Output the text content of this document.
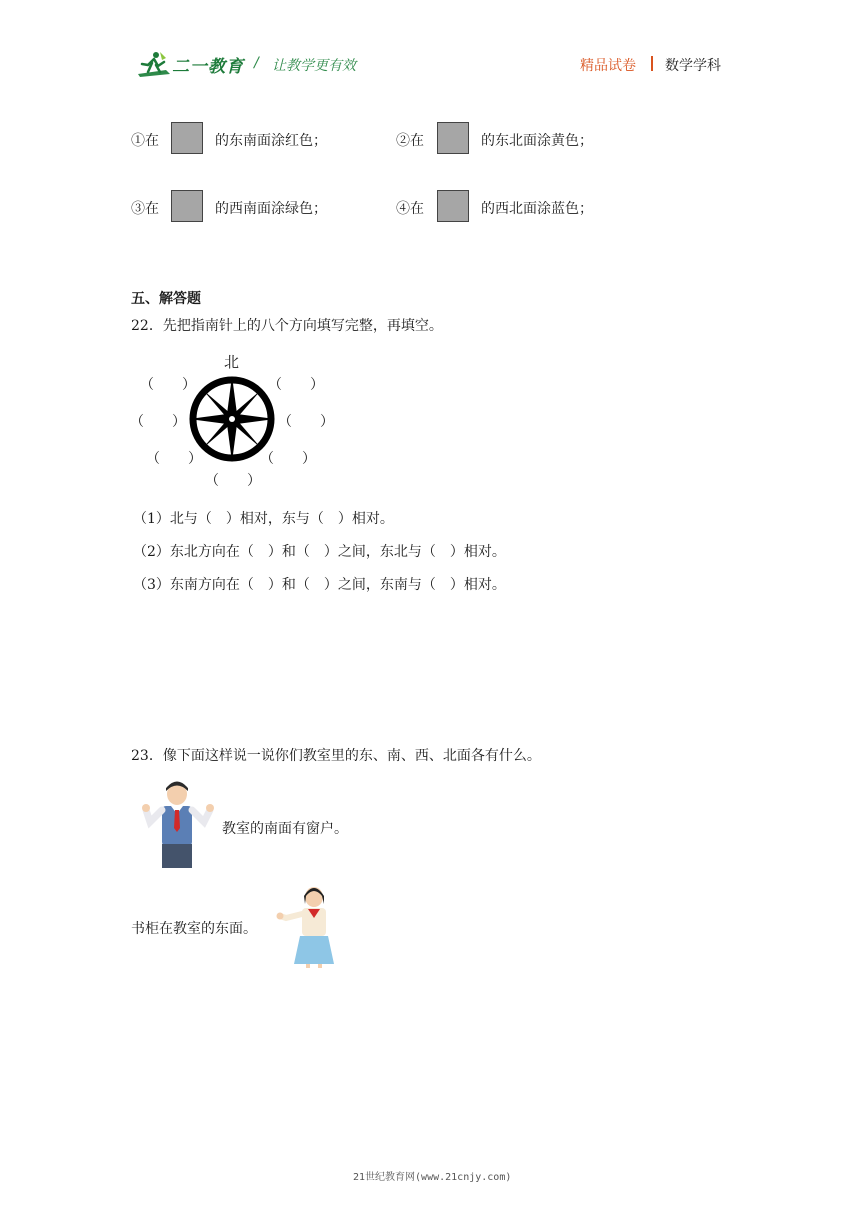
二一教育 / 让教学更有效	精品试卷 数学学科
①在	的东南面涂红色；	②在	的东北面涂黄色；
③在	的西南面涂绿色；	④在	的西北面涂蓝色；
五、解答题
22．先把指南针上的八个方向填写完整，再填空。
北
（　　）	（　　）
（　　）	（　　）
（　　）	（　　）
（　　）
（1）北与（　）相对，东与（　）相对。
（2）东北方向在（　）和（　）之间，东北与（　）相对。
（3）东南方向在（　）和（　）之间，东南与（　）相对。
23．像下面这样说一说你们教室里的东、南、西、北面各有什么。
教室的南面有窗户。
书柜在教室的东面。
21世纪教育网(www.21cnjy.com)
